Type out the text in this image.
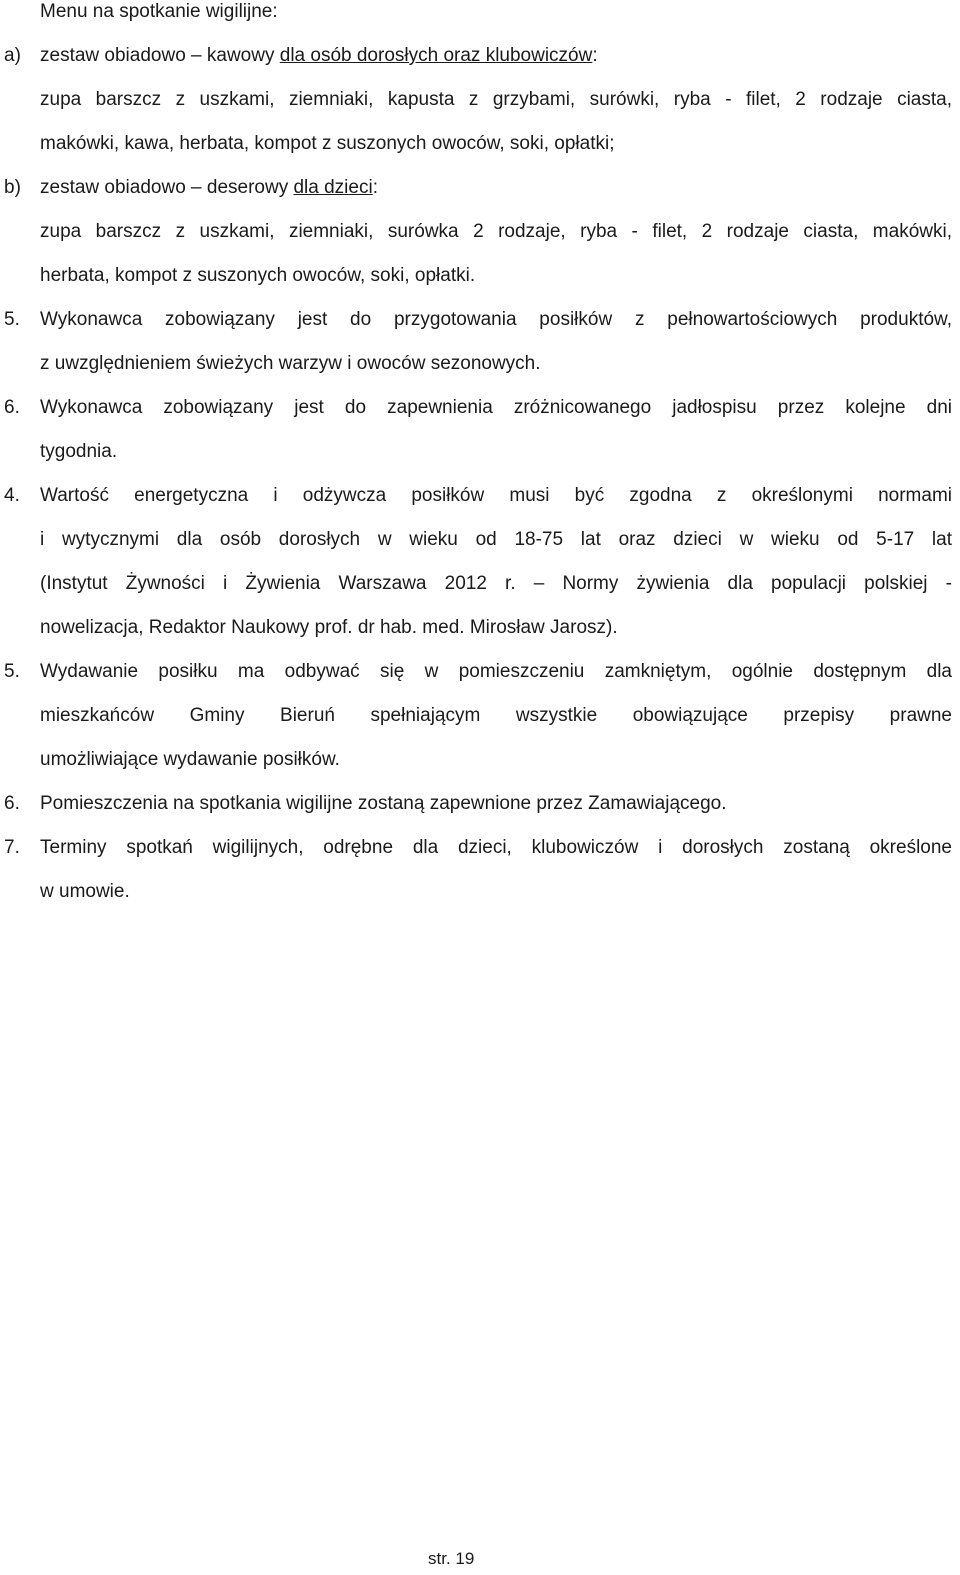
Menu na spotkanie wigilijne:
a) zestaw obiadowo – kawowy dla osób dorosłych oraz klubowiczów:
zupa barszcz z uszkami, ziemniaki, kapusta z grzybami, surówki, ryba - filet, 2 rodzaje ciasta,
makówki, kawa, herbata, kompot z suszonych owoców, soki, opłatki;
b) zestaw obiadowo – deserowy dla dzieci:
zupa barszcz z uszkami, ziemniaki, surówka 2 rodzaje, ryba - filet, 2 rodzaje ciasta, makówki,
herbata, kompot z suszonych owoców, soki, opłatki.
5. Wykonawca zobowiązany jest do przygotowania posiłków z pełnowartościowych produktów,
z uwzględnieniem świeżych warzyw i owoców sezonowych.
6. Wykonawca zobowiązany jest do zapewnienia zróżnicowanego jadłospisu przez kolejne dni
tygodnia.
4. Wartość energetyczna i odżywcza posiłków musi być zgodna z określonymi normami
i wytycznymi dla osób dorosłych w wieku od 18-75 lat oraz dzieci w wieku od 5-17 lat
(Instytut Żywności i Żywienia Warszawa 2012 r. – Normy żywienia dla populacji polskiej -
nowelizacja, Redaktor Naukowy prof. dr hab. med. Mirosław Jarosz).
5. Wydawanie posiłku ma odbywać się w pomieszczeniu zamkniętym, ogólnie dostępnym dla
mieszkańców Gminy Bieruń spełniającym wszystkie obowiązujące przepisy prawne
umożliwiające wydawanie posiłków.
6. Pomieszczenia na spotkania wigilijne zostaną zapewnione przez Zamawiającego.
7. Terminy spotkań wigilijnych, odrębne dla dzieci, klubowiczów i dorosłych zostaną określone
w umowie.
str. 19
